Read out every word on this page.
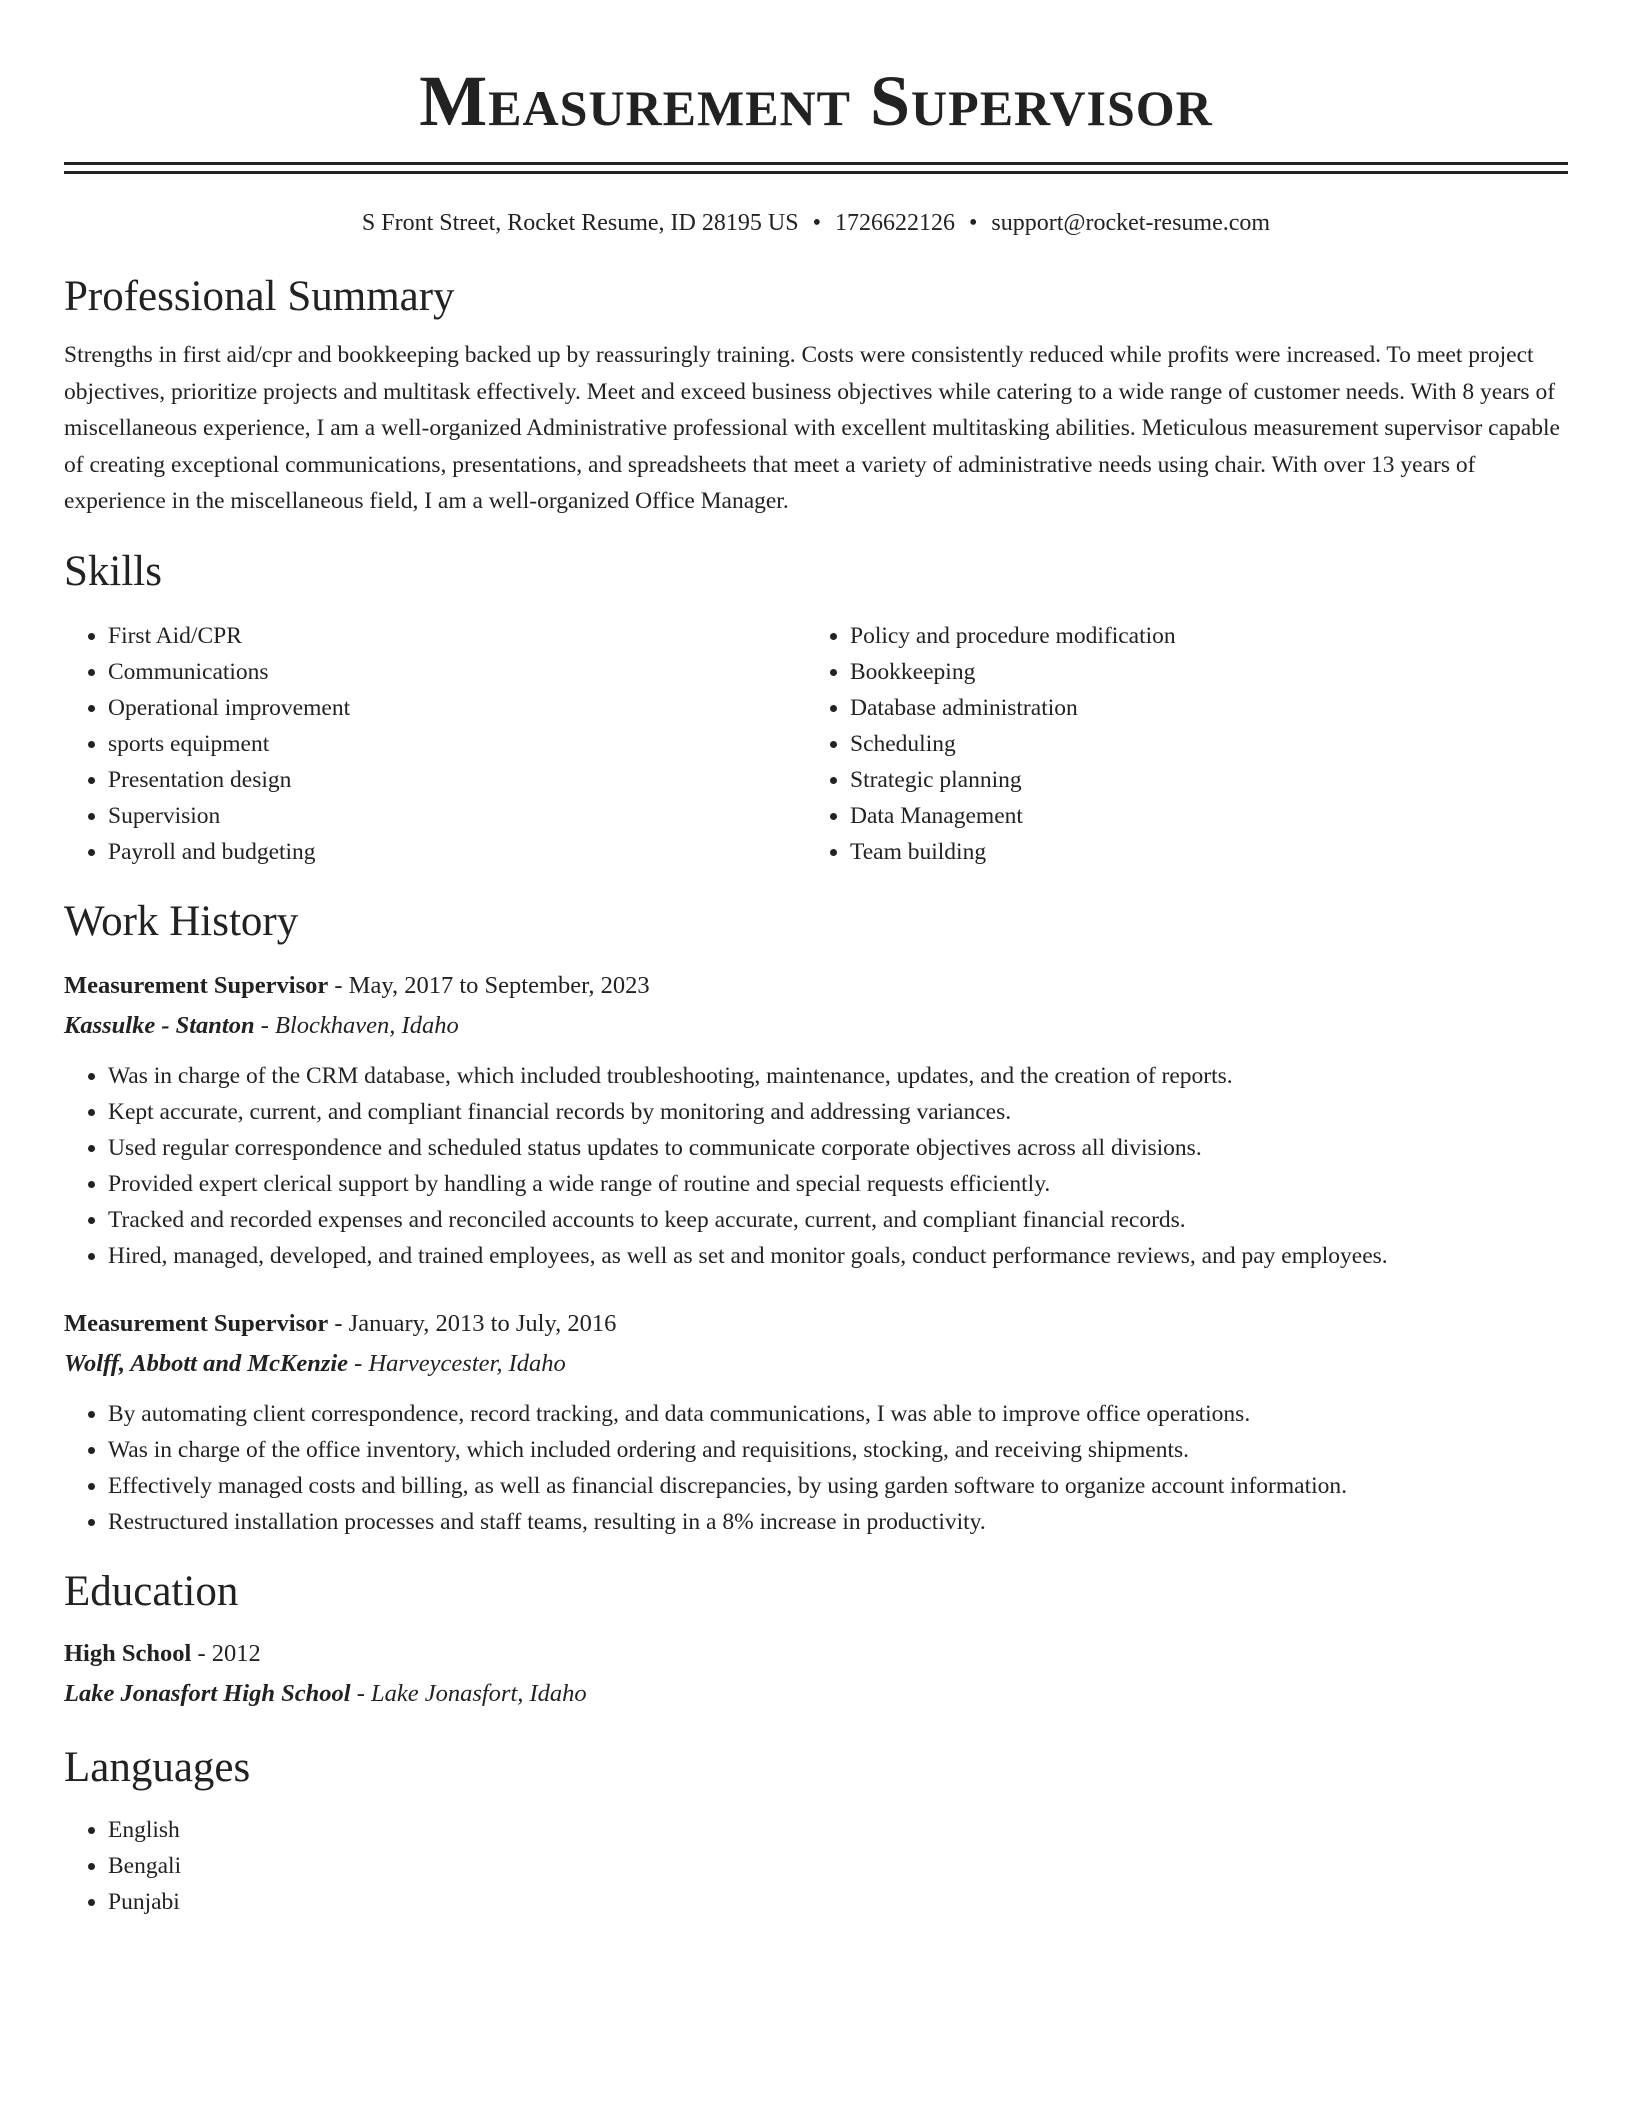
Measurement Supervisor
S Front Street, Rocket Resume, ID 28195 US • 1726622126 • support@rocket-resume.com
Professional Summary

Strengths in first aid/cpr and bookkeeping backed up by reassuringly training. Costs were consistently reduced while profits were increased. To meet project objectives, prioritize projects and multitask effectively. Meet and exceed business objectives while catering to a wide range of customer needs. With 8 years of miscellaneous experience, I am a well-organized Administrative professional with excellent multitasking abilities. Meticulous measurement supervisor capable of creating exceptional communications, presentations, and spreadsheets that meet a variety of administrative needs using chair. With over 13 years of experience in the miscellaneous field, I am a well-organized Office Manager.

Skills
• First Aid/CPR
• Communications
• Operational improvement
• sports equipment
• Presentation design
• Supervision
• Payroll and budgeting
• Policy and procedure modification
• Bookkeeping
• Database administration
• Scheduling
• Strategic planning
• Data Management
• Team building
Work History
Measurement Supervisor - May, 2017 to September, 2023
Kassulke - Stanton - Blockhaven, Idaho
• Was in charge of the CRM database, which included troubleshooting, maintenance, updates, and the creation of reports.
• Kept accurate, current, and compliant financial records by monitoring and addressing variances.
• Used regular correspondence and scheduled status updates to communicate corporate objectives across all divisions.
• Provided expert clerical support by handling a wide range of routine and special requests efficiently.
• Tracked and recorded expenses and reconciled accounts to keep accurate, current, and compliant financial records.
• Hired, managed, developed, and trained employees, as well as set and monitor goals, conduct performance reviews, and pay employees.
Measurement Supervisor - January, 2013 to July, 2016
Wolff, Abbott and McKenzie - Harveycester, Idaho
• By automating client correspondence, record tracking, and data communications, I was able to improve office operations.
• Was in charge of the office inventory, which included ordering and requisitions, stocking, and receiving shipments.
• Effectively managed costs and billing, as well as financial discrepancies, by using garden software to organize account information.
• Restructured installation processes and staff teams, resulting in a 8% increase in productivity.
Education
High School - 2012
Lake Jonasfort High School - Lake Jonasfort, Idaho
Languages
• English
• Bengali
• Punjabi
